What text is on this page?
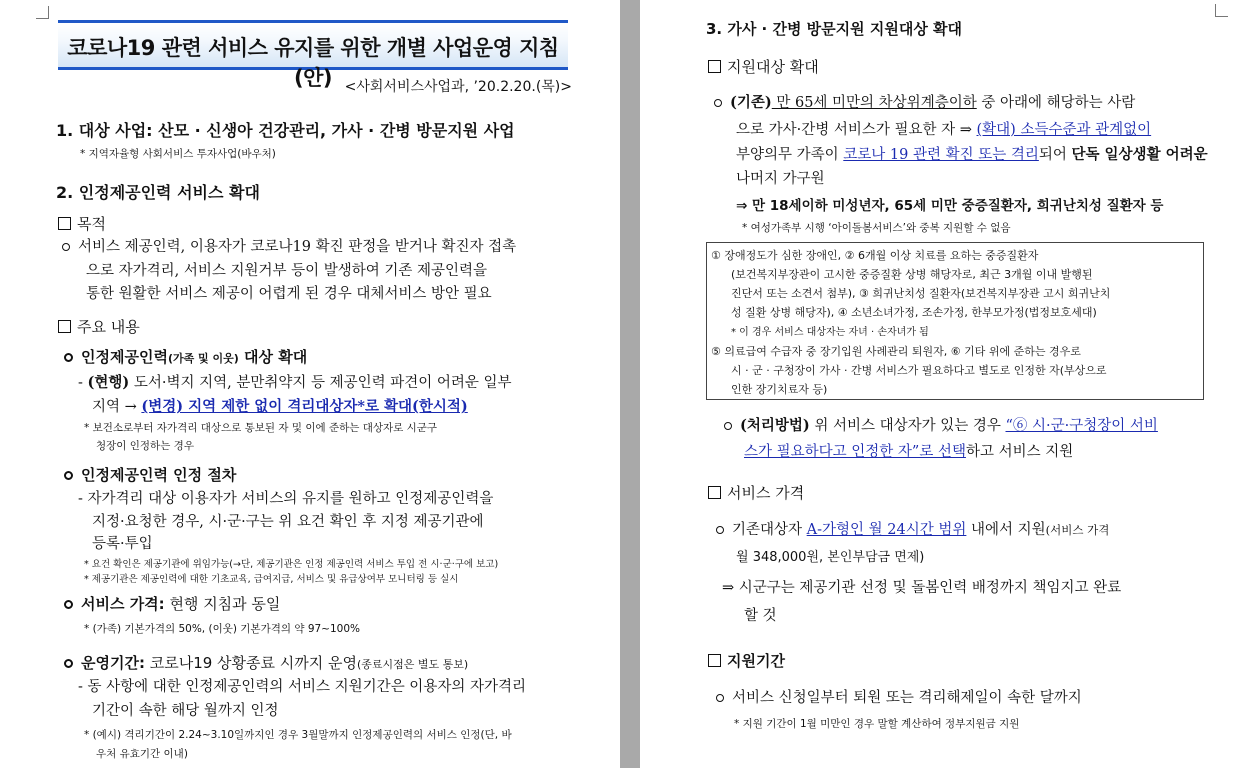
코로나19 관련 서비스 유지를 위한 개별 사업운영 지침(안) <사회서비스사업과, ’20.2.20.(목)>
1. 대상 사업: 산모 · 신생아 건강관리, 가사 · 간병 방문지원 사업
* 지역자율형 사회서비스 투자사업(바우처)
2. 인정제공인력 서비스 확대
목적
서비스 제공인력, 이용자가 코로나19 확진 판정을 받거나 확진자 접촉
으로 자가격리, 서비스 지원거부 등이 발생하여 기존 제공인력을
통한 원활한 서비스 제공이 어렵게 된 경우 대체서비스 방안 필요
주요 내용
인정제공인력(가족 및 이웃) 대상 확대
- (현행) 도서·벽지 지역, 분만취약지 등 제공인력 파견이 어려운 일부
지역 → (변경) 지역 제한 없이 격리대상자*로 확대(한시적)
* 보건소로부터 자가격리 대상으로 통보된 자 및 이에 준하는 대상자로 시군구
청장이 인정하는 경우
인정제공인력 인정 절차
- 자가격리 대상 이용자가 서비스의 유지를 원하고 인정제공인력을
지정·요청한 경우, 시·군·구는 위 요건 확인 후 지정 제공기관에
등록·투입
* 요건 확인은 제공기관에 위임가능(→단, 제공기관은 인정 제공인력 서비스 투입 전 시·군·구에 보고)
* 제공기관은 제공인력에 대한 기초교육, 급여지급, 서비스 및 유급상여부 모니터링 등 실시
서비스 가격: 현행 지침과 동일
* (가족) 기본가격의 50%, (이웃) 기본가격의 약 97~100%
운영기간: 코로나19 상황종료 시까지 운영(종료시점은 별도 통보)
- 동 사항에 대한 인정제공인력의 서비스 지원기간은 이용자의 자가격리
기간이 속한 해당 월까지 인정
* (예시) 격리기간이 2.24~3.10일까지인 경우 3월말까지 인정제공인력의 서비스 인정(단, 바
우처 유효기간 이내)
3. 가사 · 간병 방문지원 지원대상 확대
지원대상 확대
(기존) 만 65세 미만의 차상위계층이하 중 아래에 해당하는 사람
으로 가사·간병 서비스가 필요한 자 ⇒ (확대) 소득수준과 관계없이
부양의무 가족이 코로나 19 관련 확진 또는 격리되어 단독 일상생활 어려운
나머지 가구원
⇒ 만 18세이하 미성년자, 65세 미만 중증질환자, 희귀난치성 질환자 등
* 여성가족부 시행 ‘아이돌봄서비스’와 중복 지원할 수 없음
① 장애정도가 심한 장애인, ② 6개월 이상 치료를 요하는 중증질환자
(보건복지부장관이 고시한 중증질환 상병 해당자로, 최근 3개월 이내 발행된
진단서 또는 소견서 첨부), ③ 희귀난치성 질환자(보건복지부장관 고시 희귀난치
성 질환 상병 해당자), ④ 소년소녀가정, 조손가정, 한부모가정(법정보호세대)
* 이 경우 서비스 대상자는 자녀 · 손자녀가 됨
⑤ 의료급여 수급자 중 장기입원 사례관리 퇴원자, ⑥ 기타 위에 준하는 경우로
시 · 군 · 구청장이 가사 · 간병 서비스가 필요하다고 별도로 인정한 자(부상으로
인한 장기치료자 등)
(처리방법) 위 서비스 대상자가 있는 경우 “⑥ 시·군·구청장이 서비
스가 필요하다고 인정한 자”로 선택하고 서비스 지원
서비스 가격
기존대상자 A-가형인 월 24시간 범위 내에서 지원(서비스 가격
월 348,000원, 본인부담금 면제)
⇒ 시군구는 제공기관 선정 및 돌봄인력 배정까지 책임지고 완료
할 것
지원기간
서비스 신청일부터 퇴원 또는 격리해제일이 속한 달까지
* 지원 기간이 1월 미만인 경우 말할 계산하여 정부지원금 지원
